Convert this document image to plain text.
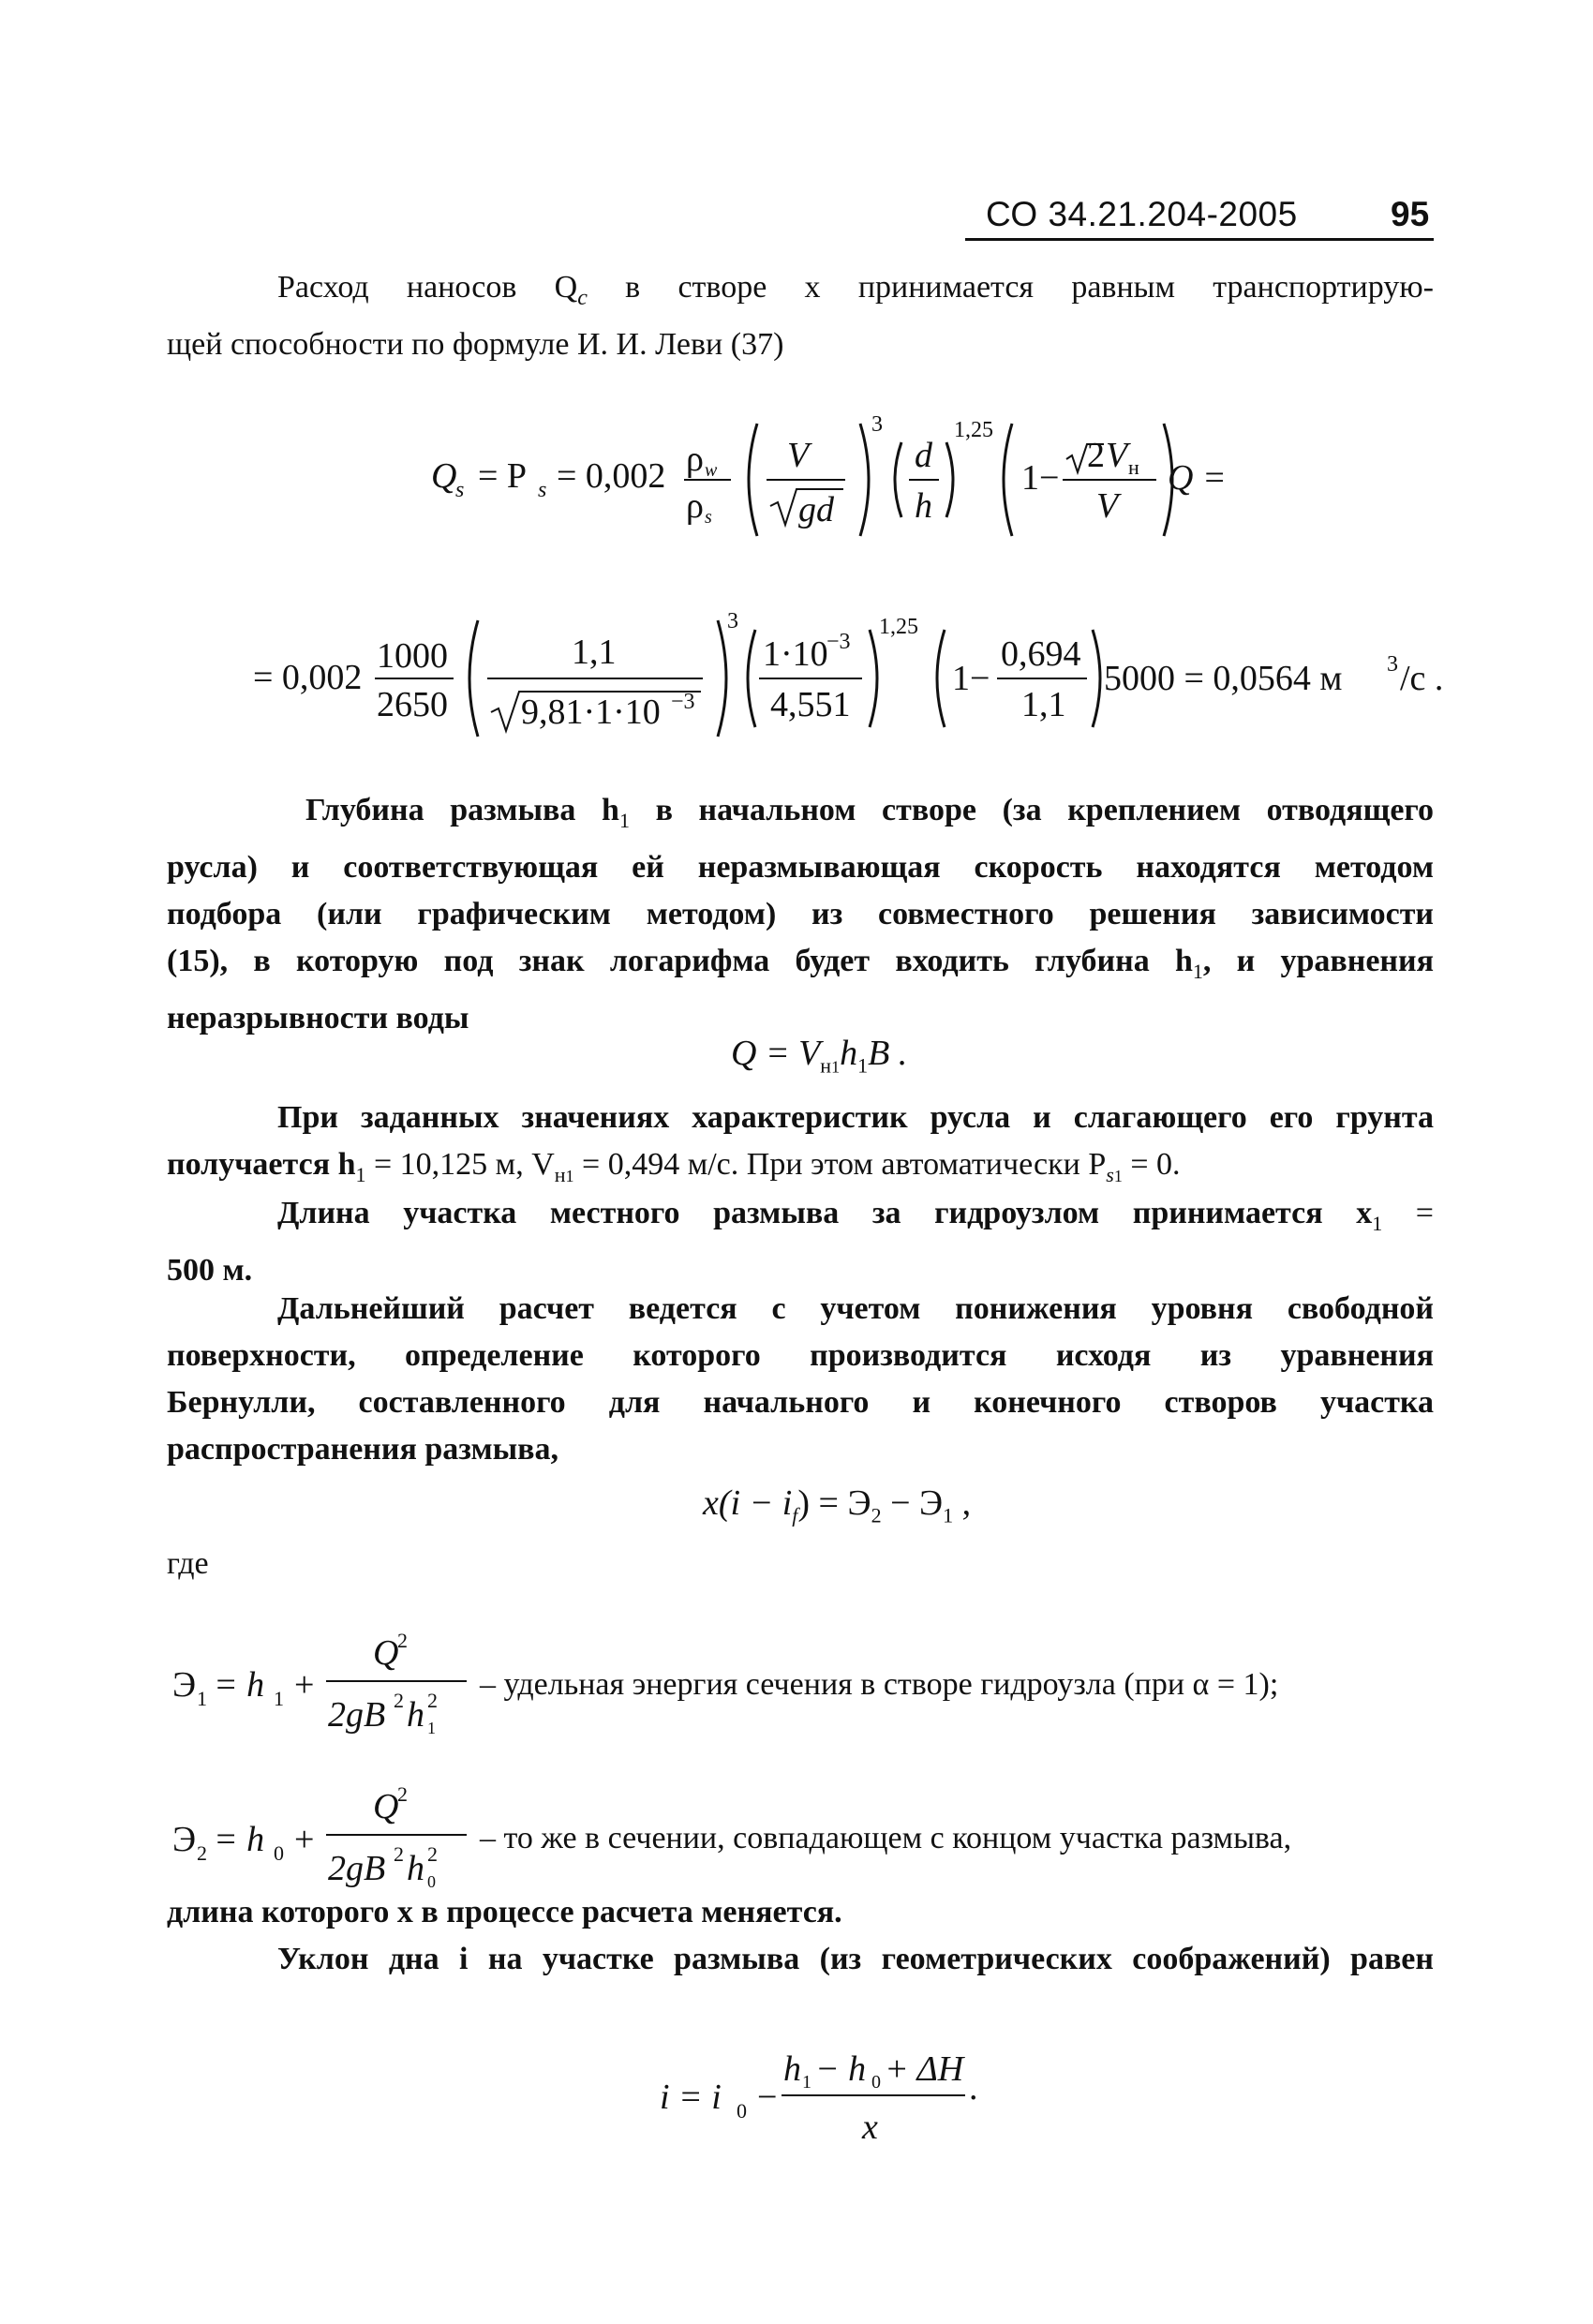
СО 34.21.204-2005	95
Расход наносов $Q_c$ в створе x принимается равным транспортирую-
щей способности по формуле И. И. Леви (37)
Q
s = P s = 0,002 ρ w
ρ s
V
gd
3
d
h
1,25
1−
2 V н
V
Q =
= 0,002
1000
2650
1,1
9,81·1·10 −3
3
1·10
−3
4,551
1,25
1−
0,694
1,1
5000 = 0,0564 м 3 /с .
Глубина размыва $h_1$ в начальном створе (за креплением отводящего
русла) и соответствующая ей неразмывающая скорость находятся методом
подбора (или графическим методом) из совместного решения зависимости
(15), в которую под знак логарифма будет входить глубина $h_1$, и уравнения
неразрывности воды
$Q = V_{н1}h_1B$ .
При заданных значениях характеристик русла и слагающего его грунта
получается $h_1 = 10,125$ м, $V_{н1} = 0,494$ м/с. При этом автоматически $P_{s1} = 0$.
Длина участка местного размыва за гидроузлом принимается $x_1$ =
500 м.
Дальнейший расчет ведется с учетом понижения уровня свободной
поверхности, определение которого производится исходя из уравнения
Бернулли, составленного для начального и конечного створов участка
распространения размыва,
$x(i - i_f) = Э_2 - Э_1$ ,
где
Э 1 = h 1 +
Q
2
2gB 2 h 2
1
– удельная энергия сечения в створе гидроузла (при α = 1);
Э 2 = h 0 +
Q
2
2gB 2 h 2
0
– то же в сечении, совпадающем с концом участка размыва,
i = i 0 −
h 1 − h 0 + ΔH
x
.
длина которого x в процессе расчета меняется.
Уклон дна i на участке размыва (из геометрических соображений) равен
